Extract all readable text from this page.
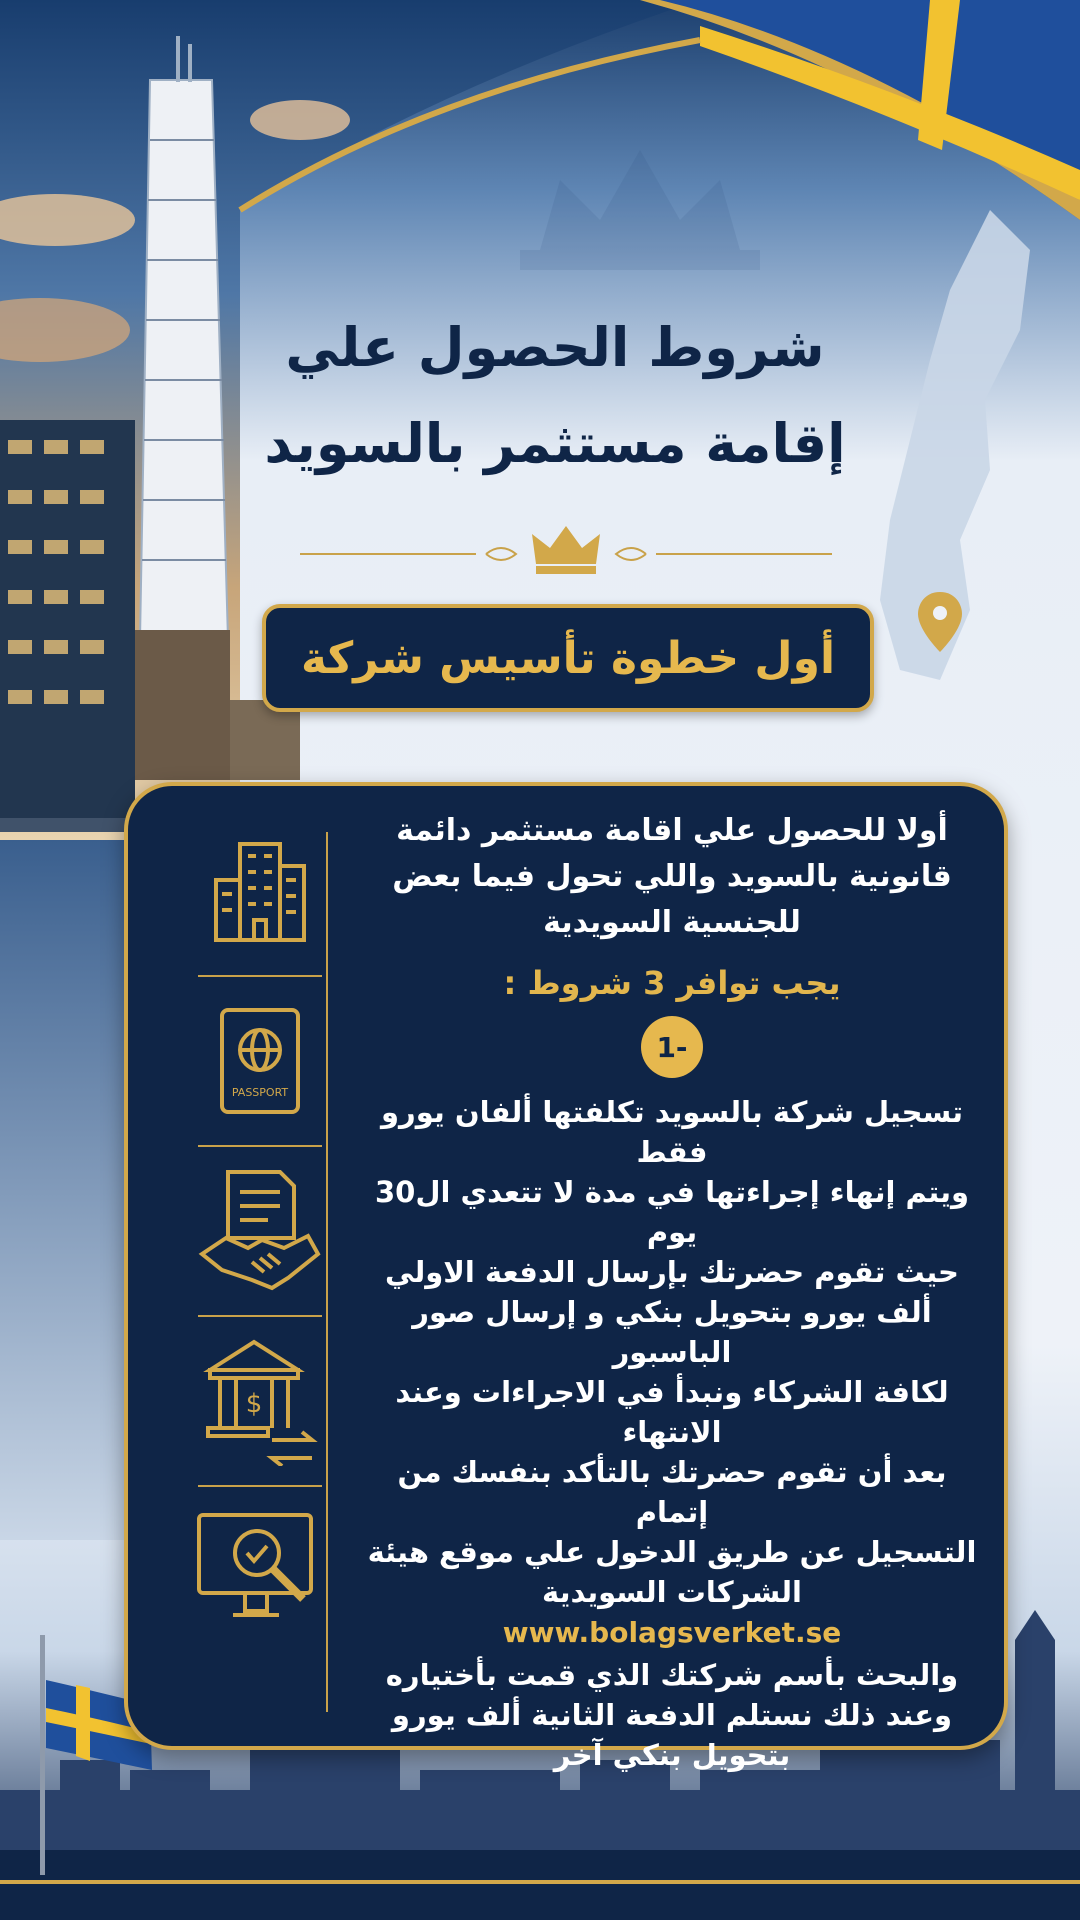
شروط الحصول علي
إقامة مستثمر بالسويد
أول خطوة تأسيس شركة
PASSPORT
$

أولا للحصول علي اقامة مستثمر دائمة

قانونية بالسويد واللي تحول فيما بعض

للجنسية السويدية

يجب توافر 3 شروط :
1-

تسجيل شركة بالسويد تكلفتها ألفان يورو فقط

ويتم إنهاء إجراءتها في مدة لا تتعدي ال30 يوم

حيث تقوم حضرتك بإرسال الدفعة الاولي

ألف يورو بتحويل بنكي و إرسال صور الباسبور

لكافة الشركاء ونبدأ في الاجراءات وعند الانتهاء

بعد أن تقوم حضرتك بالتأكد بنفسك من إتمام

التسجيل عن طريق الدخول علي موقع هيئة

الشركات السويدية

www.bolagsverket.se

والبحث بأسم شركتك الذي قمت بأختياره

وعند ذلك نستلم الدفعة الثانية ألف يورو

بتحويل بنكي آخر
